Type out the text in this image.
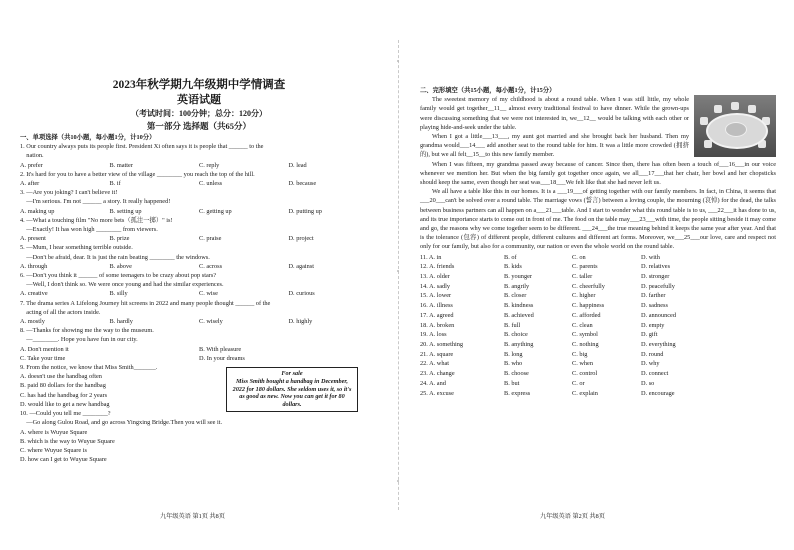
2023年秋学期九年级期中学情调查
英语试题
（考试时间：100分钟；总分：120分）
第一部分 选择题（共65分）
一、单项选择（共10小题，每小题1分，计10分）
1. Our country always puts its people first. President Xi often says it is people that ______ to the
nation.
A. prefer	B. matter	C. reply	D. lead
2. It's hard for you to have a better view of the village ________ you reach the top of the hill.
A. after	B. if	C. unless	D. because
3. —Are you joking? I can't believe it!
—I'm serious. I'm not ______ a story. It really happened!
A. making up	B. setting up	C. getting up	D. putting up
4. —What a touching film "No more bets（孤注一掷）" is!
—Exactly! It has won high ________ from viewers.
A. present	B. prize	C. praise	D. project
5. —Mum, I hear something terrible outside.
—Don't be afraid, dear. It is just the rain beating ________ the windows.
A. through	B. above	C. across	D. against
6. —Don't you think it ______ of some teenagers to be crazy about pop stars?
—Well, I don't think so. We were once young and had the similar experiences.
A. creative	B. silly	C. wise	D. curious
7. The drama series A Lifelong Journey hit screens in 2022 and many people thought ______ of the
acting of all the actors inside.
A. mostly	B. hardly	C. wisely	D. highly
8. —Thanks for showing me the way to the museum.
—________. Hope you have fun in our city.
A. Don't mention it	B. With pleasure
C. Take your time	D. In your dreams
9. From the notice, we know that Miss Smith_______.
A. doesn't use the handbag often
B. paid 80 dollars for the handbag
C. has had the handbag for 2 years
D. would like to get a new handbag
For sale
Miss Smith bought a handbag in December, 2022 for 180 dollars. She seldom uses it, so it's as good as new. Now you can get it for 80 dollars.
10. —Could you tell me ________?
—Go along Gulou Road, and go across Yingxing Bridge.Then you will see it.
A. where is Wuyue Square
B. which is the way to Wuyue Square
C. where Wuyue Square is
D. how can I get to Wuyue Square
九年级英语 第1页 共8页
二、完形填空（共15小题，每小题1分，计15分）
The sweetest memory of my childhood is about a round table. When I was still little, my whole family would get together__11__ almost every traditional festival to have dinner. While the grown-ups were discussing something that we were not interested in, we__12__ would be talking with each other or playing hide-and-seek under the table.
When I got a little___13___, my aunt got married and she brought back her husband. Then my grandma would___14___ add another seat to the round table for him. It was a little more crowded (拥挤的), but we all felt__15__to this new family member.
When I was fifteen, my grandma passed away because of cancer. Since then, there has often been a touch of___16___in our voice whenever we mention her. But when the big family got together once again, we all___17___that her chair, her bowl and her chopsticks should keep the same, even though her seat was___18___We felt like that she had never left us.
We all have a table like this in our homes. It is a ___19___of getting together with our family members. In fact, in China, it seems that ___20___can't be solved over a round table. The marriage vows (誓言) between a loving couple, the mourning (哀悼) for the dead, the talks between business partners can all happen on a___21___table. And I start to wonder what this round table is to us, ___22___it has done to us, and its true importance starts to come out in front of me. The food on the table may___23___with time, the people sitting beside it may come and go, the reasons why we come together seem to be different. ___24___the true meaning behind it keeps the same year after year. And that is the tolerance (包容) of different people, different cultures and different art forms. Moreover, we___25___our love, care and respect not only for our family, but also for a community, our nation or even the whole world on the round table.
11. A. in	B. of	C. on	D. with
12. A. friends	B. kids	C. parents	D. relatives
13. A. older	B. younger	C. taller	D. stronger
14. A. sadly	B. angrily	C. cheerfully	D. peacefully
15. A. lower	B. closer	C. higher	D. farther
16. A. illness	B. kindness	C. happiness	D. sadness
17. A. agreed	B. achieved	C. afforded	D. announced
18. A. broken	B. full	C. clean	D. empty
19. A. loss	B. choice	C. symbol	D. gift
20. A. something	B. anything	C. nothing	D. everything
21. A. square	B. long	C. big	D. round
22. A. what	B. who	C. when	D. why
23. A. change	B. choose	C. control	D. connect
24. A. and	B. but	C. or	D. so
25. A. excuse	B. express	C. explain	D. encourage
九年级英语 第2页 共8页
